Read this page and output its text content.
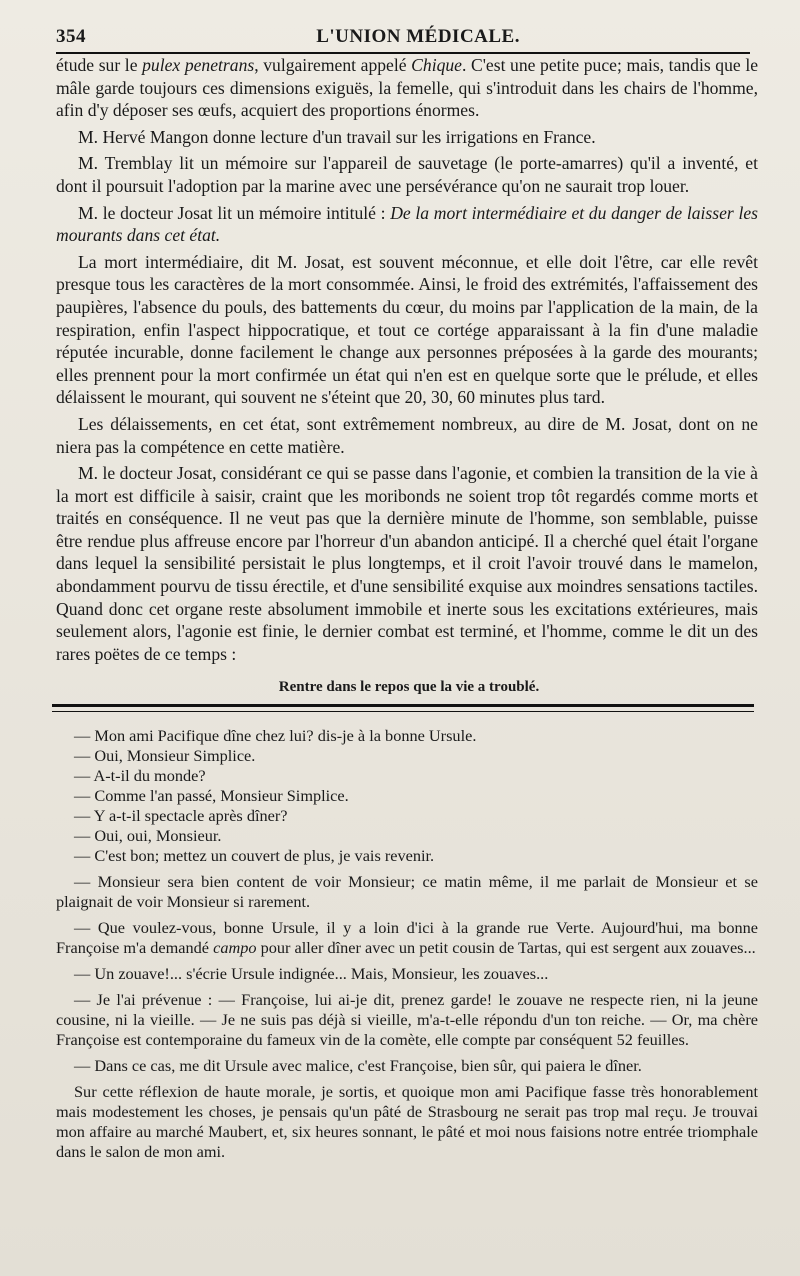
354	L'UNION MÉDICALE.

étude sur le pulex penetrans, vulgairement appelé Chique. C'est une petite puce; mais, tandis que le mâle garde toujours ces dimensions exiguës, la femelle, qui s'introduit dans les chairs de l'homme, afin d'y déposer ses œufs, acquiert des proportions énormes.

M. Hervé Mangon donne lecture d'un travail sur les irrigations en France.

M. Tremblay lit un mémoire sur l'appareil de sauvetage (le porte-amarres) qu'il a inventé, et dont il poursuit l'adoption par la marine avec une persévérance qu'on ne saurait trop louer.

M. le docteur Josat lit un mémoire intitulé : De la mort intermédiaire et du danger de laisser les mourants dans cet état.

La mort intermédiaire, dit M. Josat, est souvent méconnue, et elle doit l'être, car elle revêt presque tous les caractères de la mort consommée. Ainsi, le froid des extrémités, l'affaissement des paupières, l'absence du pouls, des battements du cœur, du moins par l'application de la main, de la respiration, enfin l'aspect hippocratique, et tout ce cortége apparaissant à la fin d'une maladie réputée incurable, donne facilement le change aux personnes préposées à la garde des mourants; elles prennent pour la mort confirmée un état qui n'en est en quelque sorte que le prélude, et elles délaissent le mourant, qui souvent ne s'éteint que 20, 30, 60 minutes plus tard.

Les délaissements, en cet état, sont extrêmement nombreux, au dire de M. Josat, dont on ne niera pas la compétence en cette matière.

M. le docteur Josat, considérant ce qui se passe dans l'agonie, et combien la transition de la vie à la mort est difficile à saisir, craint que les moribonds ne soient trop tôt regardés comme morts et traités en conséquence. Il ne veut pas que la dernière minute de l'homme, son semblable, puisse être rendue plus affreuse encore par l'horreur d'un abandon anticipé. Il a cherché quel était l'organe dans lequel la sensibilité persistait le plus longtemps, et il croit l'avoir trouvé dans le mamelon, abondamment pourvu de tissu érectile, et d'une sensibilité exquise aux moindres sensations tactiles. Quand donc cet organe reste absolument immobile et inerte sous les excitations extérieures, mais seulement alors, l'agonie est finie, le dernier combat est terminé, et l'homme, comme le dit un des rares poëtes de ce temps :

Rentre dans le repos que la vie a troublé.

— Mon ami Pacifique dîne chez lui? dis-je à la bonne Ursule.

— Oui, Monsieur Simplice.

— A-t-il du monde?

— Comme l'an passé, Monsieur Simplice.

— Y a-t-il spectacle après dîner?

— Oui, oui, Monsieur.

— C'est bon; mettez un couvert de plus, je vais revenir.

— Monsieur sera bien content de voir Monsieur; ce matin même, il me parlait de Monsieur et se plaignait de voir Monsieur si rarement.

— Que voulez-vous, bonne Ursule, il y a loin d'ici à la grande rue Verte. Aujourd'hui, ma bonne Françoise m'a demandé campo pour aller dîner avec un petit cousin de Tartas, qui est sergent aux zouaves...

— Un zouave!... s'écrie Ursule indignée... Mais, Monsieur, les zouaves...

— Je l'ai prévenue : — Françoise, lui ai-je dit, prenez garde! le zouave ne respecte rien, ni la jeune cousine, ni la vieille. — Je ne suis pas déjà si vieille, m'a-t-elle répondu d'un ton reiche. — Or, ma chère Françoise est contemporaine du fameux vin de la comète, elle compte par conséquent 52 feuilles.

— Dans ce cas, me dit Ursule avec malice, c'est Françoise, bien sûr, qui paiera le dîner.

Sur cette réflexion de haute morale, je sortis, et quoique mon ami Pacifique fasse très honorablement mais modestement les choses, je pensais qu'un pâté de Strasbourg ne serait pas trop mal reçu. Je trouvai mon affaire au marché Maubert, et, six heures sonnant, le pâté et moi nous faisions notre entrée triomphale dans le salon de mon ami.
